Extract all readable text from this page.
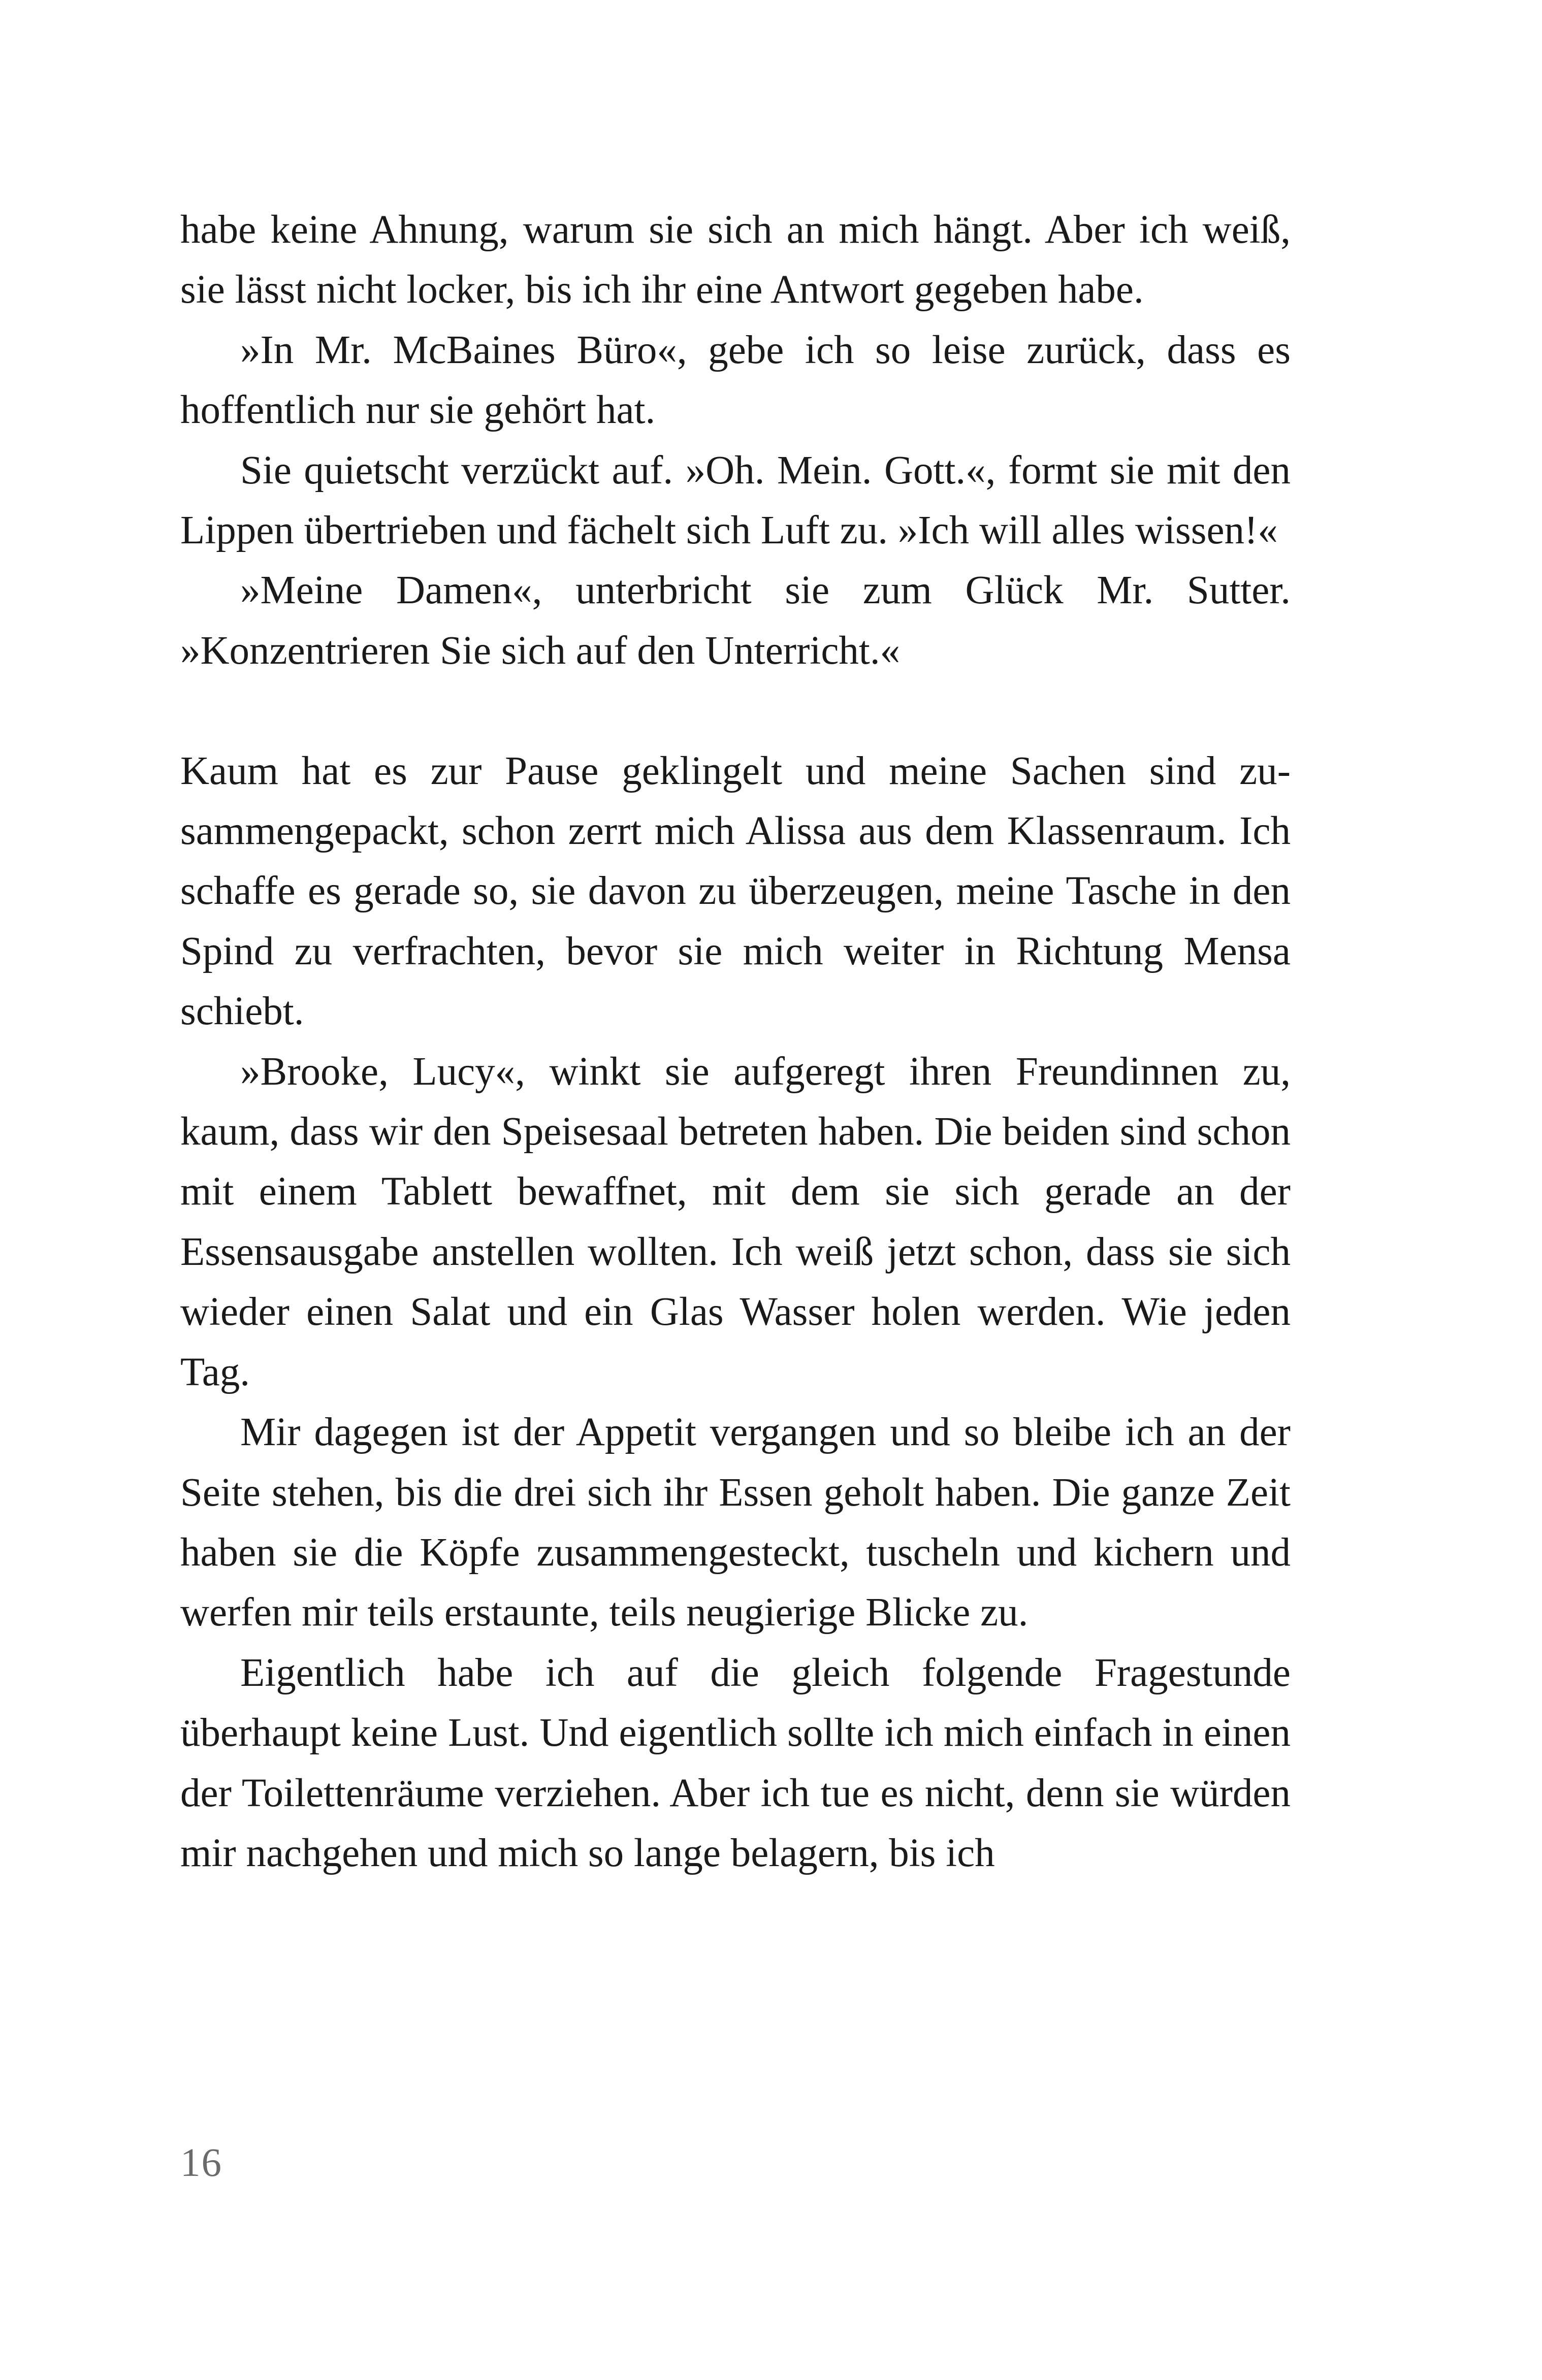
habe keine Ahnung, warum sie sich an mich hängt. Aber ich weiß, sie lässt nicht locker, bis ich ihr eine Antwort gegeben habe.

»In Mr. McBaines Büro«, gebe ich so leise zurück, dass es hoffentlich nur sie gehört hat.

Sie quietscht verzückt auf. »Oh. Mein. Gott.«, formt sie mit den Lippen übertrieben und fächelt sich Luft zu. »Ich will alles wissen!«

»Meine Damen«, unterbricht sie zum Glück Mr. Sutter. »Konzentrieren Sie sich auf den Unterricht.«

Kaum hat es zur Pause geklingelt und meine Sachen sind zusammengepackt, schon zerrt mich Alissa aus dem Klassenraum. Ich schaffe es gerade so, sie davon zu überzeugen, meine Tasche in den Spind zu verfrachten, bevor sie mich weiter in Richtung Mensa schiebt.

»Brooke, Lucy«, winkt sie aufgeregt ihren Freundinnen zu, kaum, dass wir den Speisesaal betreten haben. Die beiden sind schon mit einem Tablett bewaffnet, mit dem sie sich gerade an der Essensausgabe anstellen wollten. Ich weiß jetzt schon, dass sie sich wieder einen Salat und ein Glas Wasser holen werden. Wie jeden Tag.

Mir dagegen ist der Appetit vergangen und so bleibe ich an der Seite stehen, bis die drei sich ihr Essen geholt haben. Die ganze Zeit haben sie die Köpfe zusammengesteckt, tuscheln und kichern und werfen mir teils erstaunte, teils neugierige Blicke zu.

Eigentlich habe ich auf die gleich folgende Fragestunde überhaupt keine Lust. Und eigentlich sollte ich mich einfach in einen der Toilettenräume verziehen. Aber ich tue es nicht, denn sie würden mir nachgehen und mich so lange belagern, bis ich

16
